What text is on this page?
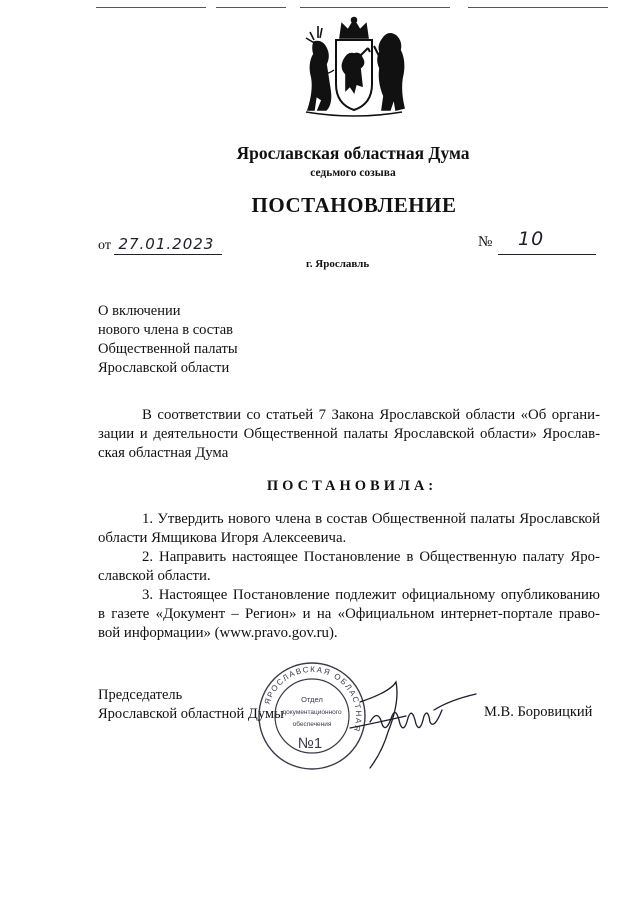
Ярославская областная Дума
седьмого созыва
ПОСТАНОВЛЕНИЕ
от 27.01.2023	№ 10
г. Ярославль
О включении
нового члена в состав
Общественной палаты
Ярославской области
В соответствии со статьей 7 Закона Ярославской области «Об органи-
зации и деятельности Общественной палаты Ярославской области» Ярослав-
ская областная Дума
ПОСТАНОВИЛА:
1. Утвердить нового члена в состав Общественной палаты Ярославской
области Ямщикова Игоря Алексеевича.
2. Направить настоящее Постановление в Общественную палату Яро-
славской области.
3. Настоящее Постановление подлежит официальному опубликованию
в газете «Документ – Регион» и на «Официальном интернет-портале право-
вой информации» (www.pravo.gov.ru).
Председатель
Ярославской областной Думы	М.В. Боровицкий
ЯРОСЛАВСКАЯ ОБЛАСТНАЯ
Отдел
документационного
обеспечения
№1
